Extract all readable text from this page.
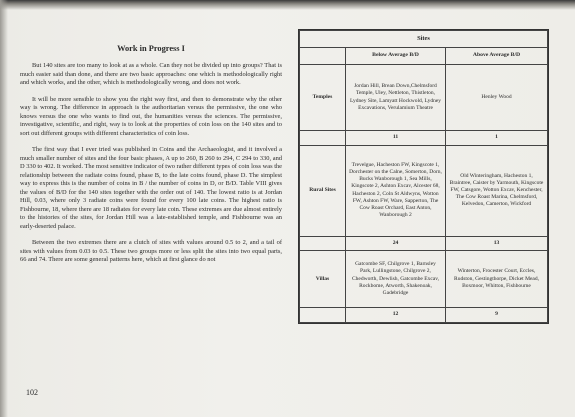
Work in Progress I

But 140 sites are too many to look at as a whole. Can they not be divided up into groups? That is much easier said than done, and there are two basic approaches: one which is methodologically right and which works, and the other, which is methodologically wrong, and does not work.

It will be more sensible to show you the right way first, and then to demonstrate why the other way is wrong. The difference in approach is the authoritarian versus the permissive, the one who knows versus the one who wants to find out, the humanities versus the sciences. The permissive, investigative, scientific, and right, way is to look at the properties of coin loss on the 140 sites and to sort out different groups with different characteristics of coin loss.

The first way that I ever tried was published in Coins and the Archaeologist, and it involved a much smaller number of sites and the four basic phases, A up to 260, B 260 to 294, C 294 to 330, and D 330 to 402. It worked. The most sensitive indicator of two rather different types of coin loss was the relationship between the radiate coins found, phase B, to the late coins found, phase D. The simplest way to express this is the number of coins in B / the number of coins in D, or B/D. Table VIII gives the values of B/D for the 140 sites together with the order out of 140. The lowest ratio is at Jordan Hill, 0.03, where only 3 radiate coins were found for every 100 late coins. The highest ratio is Fishbourne, 18, where there are 18 radiates for every late coin. These extremes are due almost entirely to the histories of the sites, for Jordan Hill was a late-established temple, and Fishbourne was an early-deserted palace.

Between the two extremes there are a clutch of sites with values around 0.5 to 2, and a tail of sites with values from 0.03 to 0.5. These two groups more or less split the sites into two equal parts, 66 and 74. There are some general patterns here, which at first glance do not

102
Sites		
	Below Average B/D	Above Average B/D
Temples	Jordan Hill, Brean Down,Chelmsford Temple, Uley, Nettleton, Thistleton, Lydney Site, Lamyatt Hockwold, Lydney Excavations, Verulamium Theatre	Henley Wood
	11	1
Rural Sites	Trevelgue, Hacheston FW, Kingscote 1, Dorchester on the Calne, Somerton, Dorn, Bucks Wanborough 1, Sea Mills, Kingscote 2, Ashton Excav, Alcester 68, Hacheston 2, Coln St Aldwyns, Wotton FW, Ashton FW, Ware, Sapperton, The Cow Roast Orchard, East Anton, Wanborough 2	Old Winteringham, Hacheston 1, Braintree, Caister by Yarmouth, Kingscote FW, Catsgore, Wotton Excav, Kenchester, The Cow Roast Marina, Chelmsford, Kelvedon, Camerton, Wickford
	24	13
Villas	Gatcombe SF, Chilgrove 1, Barnsley Park, Lullingstone, Chilgrove 2, Chedworth, Dewlish, Gatcombe Excav, Rockbome, Atworth, Shakenoak, Gadebridge	Winterton, Frocester Court, Eccles, Rudston, Gestingthorpe, Dicket Mead, Boxmoor, Whitton, Fishbourne
	12	9
